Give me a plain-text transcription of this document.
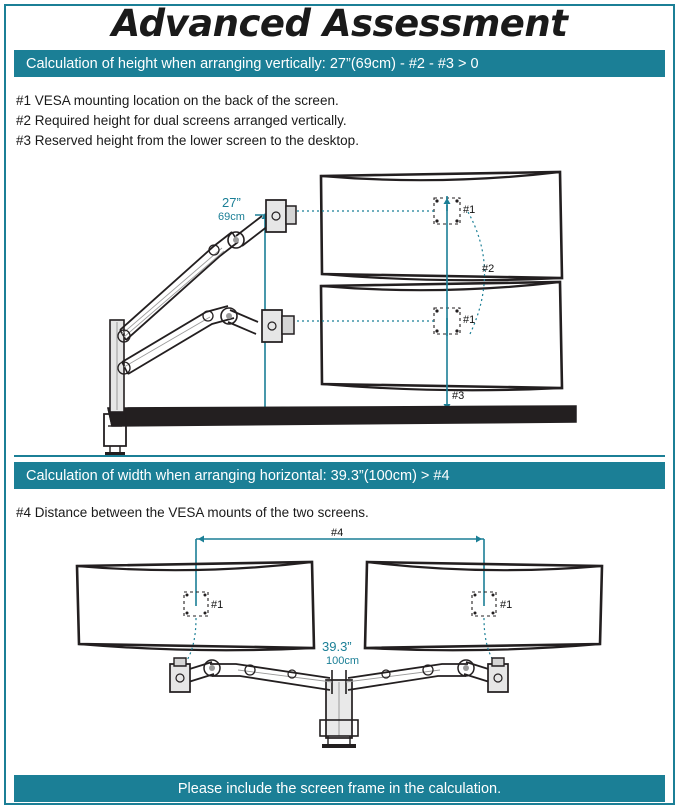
Advanced Assessment
Calculation of height when arranging vertically: 27”(69cm) - #2 - #3 > 0
#1 VESA mounting location on the back of the screen.
#2 Required height for dual screens arranged vertically.
#3 Reserved height from the lower screen to the desktop.
27”
69cm
#1
#1
#2
#3
Calculation of width when arranging horizontal: 39.3”(100cm) > #4
#4 Distance between the VESA mounts of the two screens.
#4
#1	#1
39.3”
100cm
Please include the screen frame in the calculation.
